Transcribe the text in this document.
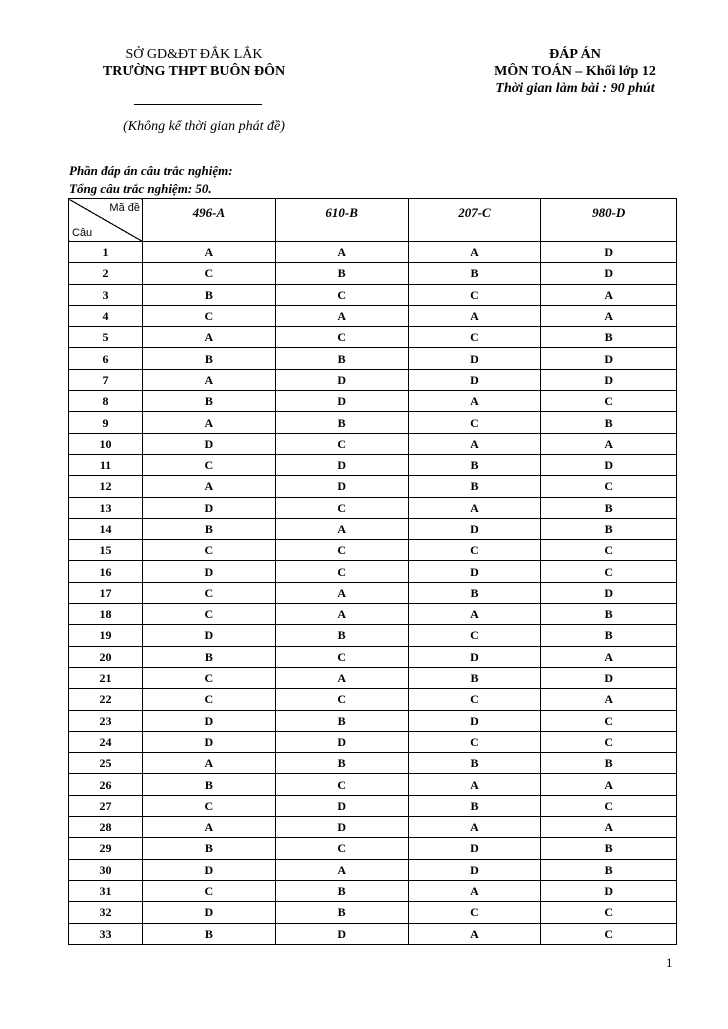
SỞ GD&ĐT ĐẮK LẮK
TRƯỜNG THPT BUÔN ĐÔN
(Không kể thời gian phát đề)
ĐÁP ÁN
MÔN TOÁN – Khối lớp 12
Thời gian làm bài : 90 phút
Phần đáp án câu trắc nghiệm:
Tổng câu trắc nghiệm: 50.
Mã đề
Câu	496-A	610-B	207-C	980-D
1	A	A	A	D
2	C	B	B	D
3	B	C	C	A
4	C	A	A	A
5	A	C	C	B
6	B	B	D	D
7	A	D	D	D
8	B	D	A	C
9	A	B	C	B
10	D	C	A	A
11	C	D	B	D
12	A	D	B	C
13	D	C	A	B
14	B	A	D	B
15	C	C	C	C
16	D	C	D	C
17	C	A	B	D
18	C	A	A	B
19	D	B	C	B
20	B	C	D	A
21	C	A	B	D
22	C	C	C	A
23	D	B	D	C
24	D	D	C	C
25	A	B	B	B
26	B	C	A	A
27	C	D	B	C
28	A	D	A	A
29	B	C	D	B
30	D	A	D	B
31	C	B	A	D
32	D	B	C	C
33	B	D	A	C
1
